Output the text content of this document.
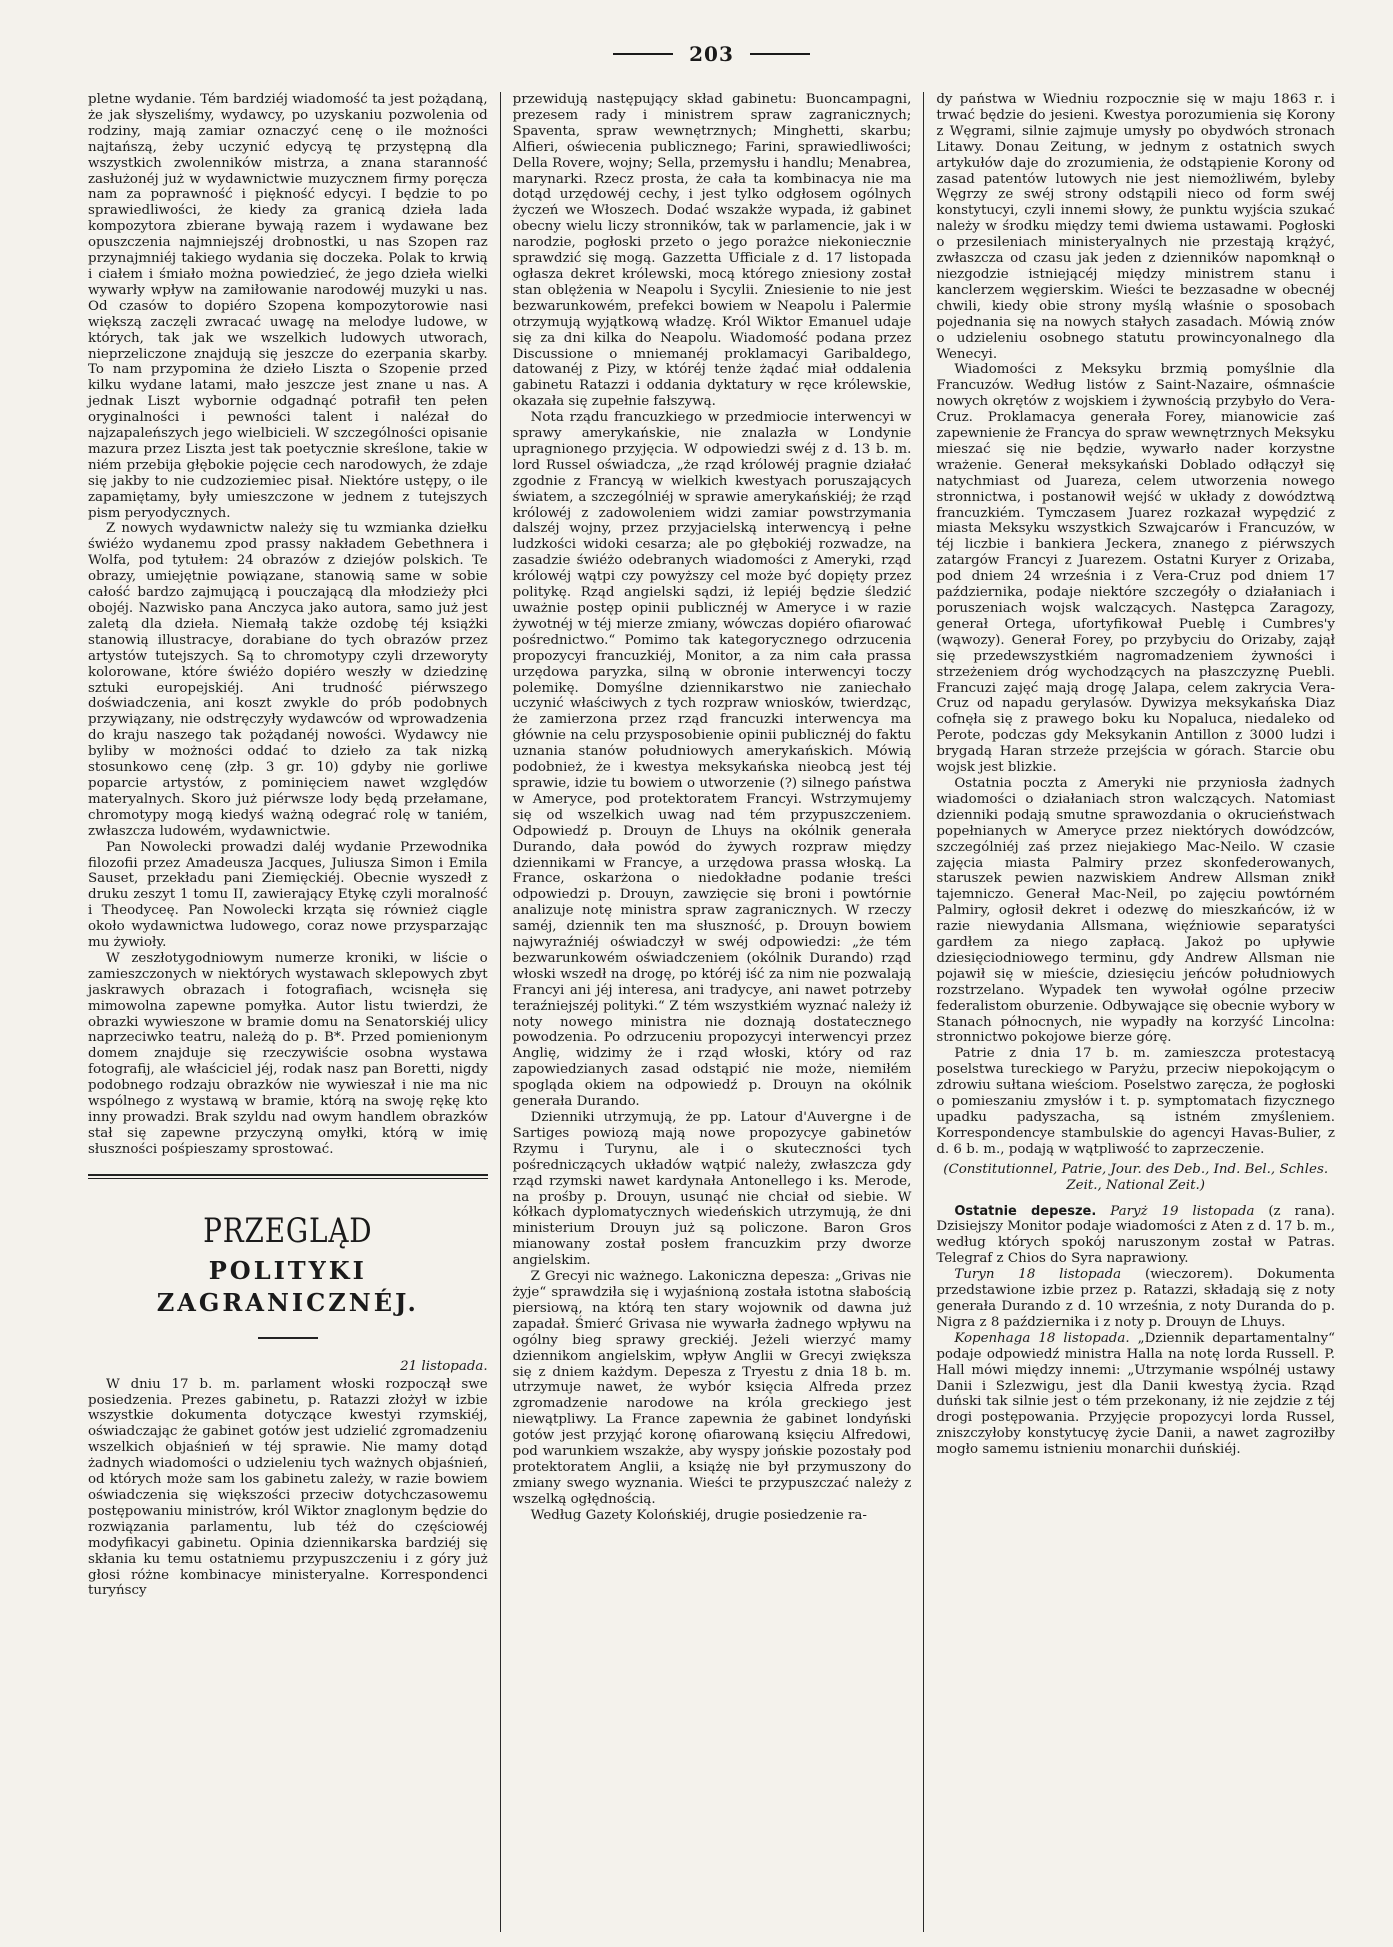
203

pletne wydanie. Tém bardziéj wiadomość ta jest pożądaną, że jak słyszeliśmy, wydawcy, po uzyskaniu pozwolenia od rodziny, mają zamiar oznaczyć cenę o ile możności najtańszą, żeby uczynić edycyą tę przystępną dla wszystkich zwolenników mistrza, a znana staranność zasłużonéj już w wydawnictwie muzycznem firmy poręcza nam za poprawność i piękność edycyi. I będzie to po sprawiedliwości, że kiedy za granicą dzieła lada kompozytora zbierane bywają razem i wydawane bez opuszczenia najmniejszéj drobnostki, u nas Szopen raz przynajmniéj takiego wydania się doczeka. Polak to krwią i ciałem i śmiało można powiedzieć, że jego dzieła wielki wywarły wpływ na zamiłowanie narodowéj muzyki u nas. Od czasów to dopiéro Szopena kompozytorowie nasi większą zaczęli zwracać uwagę na melodye ludowe, w których, tak jak we wszelkich ludowych utworach, nieprzeliczone znajdują się jeszcze do ezerpania skarby. To nam przypomina że dzieło Liszta o Szopenie przed kilku wydane latami, mało jeszcze jest znane u nas. A jednak Liszt wybornie odgadnąć potrafił ten pełen oryginalności i pewności talent i nalézał do najzapaleńszych jego wielbicieli. W szczególności opisanie mazura przez Liszta jest tak poetycznie skreślone, takie w niém przebija głębokie pojęcie cech narodowych, że zdaje się jakby to nie cudzoziemiec pisał. Niektóre ustępy, o ile zapamiętamy, były umieszczone w jednem z tutejszych pism peryodycznych.

Z nowych wydawnictw należy się tu wzmianka dziełku świéżo wydanemu zpod prassy nakładem Gebethnera i Wolfa, pod tytułem: 24 obrazów z dziejów polskich. Te obrazy, umiejętnie powiązane, stanowią same w sobie całość bardzo zajmującą i pouczającą dla młodzieży płci obojéj. Nazwisko pana Anczyca jako autora, samo już jest zaletą dla dzieła. Niemałą także ozdobę téj książki stanowią illustracye, dorabiane do tych obrazów przez artystów tutejszych. Są to chromotypy czyli drzeworyty kolorowane, które świéżo dopiéro weszły w dziedzinę sztuki europejskiéj. Ani trudność piérwszego doświadczenia, ani koszt zwykle do prób podobnych przywiązany, nie odstręczyły wydawców od wprowadzenia do kraju naszego tak pożądanéj nowości. Wydawcy nie byliby w możności oddać to dzieło za tak nizką stosunkowo cenę (złp. 3 gr. 10) gdyby nie gorliwe poparcie artystów, z pominięciem nawet względów materyalnych. Skoro już piérwsze lody będą przełamane, chromotypy mogą kiedyś ważną odegrać rolę w taniém, zwłaszcza ludowém, wydawnictwie.

Pan Nowolecki prowadzi daléj wydanie Przewodnika filozofii przez Amadeusza Jacques, Juliusza Simon i Emila Sauset, przekładu pani Ziemięckiéj. Obecnie wyszedł z druku zeszyt 1 tomu II, zawierający Etykę czyli moralność i Theodyceę. Pan Nowolecki krząta się również ciągle około wydawnictwa ludowego, coraz nowe przysparzając mu żywioły.

W zeszłotygodniowym numerze kroniki, w liście o zamieszczonych w niektórych wystawach sklepowych zbyt jaskrawych obrazach i fotografiach, wcisnęła się mimowolna zapewne pomyłka. Autor listu twierdzi, że obrazki wywieszone w bramie domu na Senatorskiéj ulicy naprzeciwko teatru, należą do p. B*. Przed pomienionym domem znajduje się rzeczywiście osobna wystawa fotografij, ale właściciel jéj, rodak nasz pan Boretti, nigdy podobnego rodzaju obrazków nie wywieszał i nie ma nic wspólnego z wystawą w bramie, którą na swoję rękę kto inny prowadzi. Brak szyldu nad owym handlem obrazków stał się zapewne przyczyną omyłki, którą w imię słuszności pośpieszamy sprostować.

PRZEGLĄD
POLITYKI ZAGRANICZNÉJ.
21 listopada.

W dniu 17 b. m. parlament włoski rozpoczął swe posiedzenia. Prezes gabinetu, p. Ratazzi złożył w izbie wszystkie dokumenta dotyczące kwestyi rzymskiéj, oświadczając że gabinet gotów jest udzielić zgromadzeniu wszelkich objaśnień w téj sprawie. Nie mamy dotąd żadnych wiadomości o udzieleniu tych ważnych objaśnień, od których może sam los gabinetu zależy, w razie bowiem oświadczenia się większości przeciw dotychczasowemu postępowaniu ministrów, król Wiktor znaglonym będzie do rozwiązania parlamentu, lub téż do częściowéj modyfikacyi gabinetu. Opinia dziennikarska bardziéj się skłania ku temu ostatniemu przypuszczeniu i z góry już głosi różne kombinacye ministeryalne. Korrespondenci turyńscy

przewidują następujący skład gabinetu: Buoncampagni, prezesem rady i ministrem spraw zagranicznych; Spaventa, spraw wewnętrznych; Minghetti, skarbu; Alfieri, oświecenia publicznego; Farini, sprawiedliwości; Della Rovere, wojny; Sella, przemysłu i handlu; Menabrea, marynarki. Rzecz prosta, że cała ta kombinacya nie ma dotąd urzędowéj cechy, i jest tylko odgłosem ogólnych życzeń we Włoszech. Dodać wszakże wypada, iż gabinet obecny wielu liczy stronników, tak w parlamencie, jak i w narodzie, pogłoski przeto o jego porażce niekoniecznie sprawdzić się mogą. Gazzetta Ufficiale z d. 17 listopada ogłasza dekret królewski, mocą którego zniesiony został stan oblężenia w Neapolu i Sycylii. Zniesienie to nie jest bezwarunkowém, prefekci bowiem w Neapolu i Palermie otrzymują wyjątkową władzę. Król Wiktor Emanuel udaje się za dni kilka do Neapolu. Wiadomość podana przez Discussione o mniemanéj proklamacyi Garibaldego, datowanéj z Pizy, w któréj tenże żądać miał oddalenia gabinetu Ratazzi i oddania dyktatury w ręce królewskie, okazała się zupełnie fałszywą.

Nota rządu francuzkiego w przedmiocie interwencyi w sprawy amerykańskie, nie znalazła w Londynie upragnionego przyjęcia. W odpowiedzi swéj z d. 13 b. m. lord Russel oświadcza, „że rząd królowéj pragnie działać zgodnie z Francyą w wielkich kwestyach poruszających światem, a szczególniéj w sprawie amerykańskiéj; że rząd królowéj z zadowoleniem widzi zamiar powstrzymania dalszéj wojny, przez przyjacielską interwencyą i pełne ludzkości widoki cesarza; ale po głębokiéj rozwadze, na zasadzie świéżo odebranych wiadomości z Ameryki, rząd królowéj wątpi czy powyższy cel może być dopięty przez politykę. Rząd angielski sądzi, iż lepiéj będzie śledzić uważnie postęp opinii publicznéj w Ameryce i w razie żywotnéj w téj mierze zmiany, wówczas dopiéro ofiarować pośrednictwo.“ Pomimo tak kategorycznego odrzucenia propozycyi francuzkiéj, Monitor, a za nim cała prassa urzędowa paryzka, silną w obronie interwencyi toczy polemikę. Domyślne dziennikarstwo nie zaniechało uczynić właściwych z tych rozpraw wniosków, twierdząc, że zamierzona przez rząd francuzki interwencya ma głównie na celu przysposobienie opinii publicznéj do faktu uznania stanów południowych amerykańskich. Mówią podobnież, że i kwestya meksykańska nieobcą jest téj sprawie, idzie tu bowiem o utworzenie (?) silnego państwa w Ameryce, pod protektoratem Francyi. Wstrzymujemy się od wszelkich uwag nad tém przypuszczeniem. Odpowiedź p. Drouyn de Lhuys na okólnik generała Durando, dała powód do żywych rozpraw między dziennikami w Francye, a urzędowa prassa włoską. La France, oskarżona o niedokładne podanie treści odpowiedzi p. Drouyn, zawzięcie się broni i powtórnie analizuje notę ministra spraw zagranicznych. W rzeczy saméj, dziennik ten ma słuszność, p. Drouyn bowiem najwyraźniéj oświadczył w swéj odpowiedzi: „że tém bezwarunkowém oświadczeniem (okólnik Durando) rząd włoski wszedł na drogę, po któréj iść za nim nie pozwalają Francyi ani jéj interesa, ani tradycye, ani nawet potrzeby teraźniejszéj polityki.“ Z tém wszystkiém wyznać należy iż noty nowego ministra nie doznają dostatecznego powodzenia. Po odrzuceniu propozycyi interwencyi przez Anglię, widzimy że i rząd włoski, który od raz zapowiedzianych zasad odstąpić nie może, niemiłém spogląda okiem na odpowiedź p. Drouyn na okólnik generała Durando.

Dzienniki utrzymują, że pp. Latour d'Auvergne i de Sartiges powiozą mają nowe propozycye gabinetów Rzymu i Turynu, ale i o skuteczności tych pośredniczących układów wątpić należy, zwłaszcza gdy rząd rzymski nawet kardynała Antonellego i ks. Merode, na prośby p. Drouyn, usunąć nie chciał od siebie. W kółkach dyplomatycznych wiedeńskich utrzymują, że dni ministerium Drouyn już są policzone. Baron Gros mianowany został posłem francuzkim przy dworze angielskim.

Z Grecyi nic ważnego. Lakoniczna depesza: „Grivas nie żyje“ sprawdziła się i wyjaśnioną została istotna słabością piersiową, na którą ten stary wojownik od dawna już zapadał. Śmierć Grivasa nie wywarła żadnego wpływu na ogólny bieg sprawy greckiéj. Jeżeli wierzyć mamy dziennikom angielskim, wpływ Anglii w Grecyi zwiększa się z dniem każdym. Depesza z Tryestu z dnia 18 b. m. utrzymuje nawet, że wybór księcia Alfreda przez zgromadzenie narodowe na króla greckiego jest niewątpliwy. La France zapewnia że gabinet londyński gotów jest przyjąć koronę ofiarowaną księciu Alfredowi, pod warunkiem wszakże, aby wyspy jońskie pozostały pod protektoratem Anglii, a książę nie był przymuszony do zmiany swego wyznania. Wieści te przypuszczać należy z wszelką ogłędnością.

Według Gazety Kolońskiéj, drugie posiedzenie ra-

dy państwa w Wiedniu rozpocznie się w maju 1863 r. i trwać będzie do jesieni. Kwestya porozumienia się Korony z Węgrami, silnie zajmuje umysły po obydwóch stronach Litawy. Donau Zeitung, w jednym z ostatnich swych artykułów daje do zrozumienia, że odstąpienie Korony od zasad patentów lutowych nie jest niemożliwém, byleby Węgrzy ze swéj strony odstąpili nieco od form swéj konstytucyi, czyli innemi słowy, że punktu wyjścia szukać należy w środku między temi dwiema ustawami. Pogłoski o przesileniach ministeryalnych nie przestają krążyć, zwłaszcza od czasu jak jeden z dzienników napomknął o niezgodzie istniejącéj między ministrem stanu i kanclerzem węgierskim. Wieści te bezzasadne w obecnéj chwili, kiedy obie strony myślą właśnie o sposobach pojednania się na nowych stałych zasadach. Mówią znów o udzieleniu osobnego statutu prowincyonalnego dla Wenecyi.

Wiadomości z Meksyku brzmią pomyślnie dla Francuzów. Według listów z Saint-Nazaire, ośmnaście nowych okrętów z wojskiem i żywnością przybyło do Vera-Cruz. Proklamacya generała Forey, mianowicie zaś zapewnienie że Francya do spraw wewnętrznych Meksyku mieszać się nie będzie, wywarło nader korzystne wrażenie. Generał meksykański Doblado odłączył się natychmiast od Juareza, celem utworzenia nowego stronnictwa, i postanowił wejść w układy z dowództwą francuzkiém. Tymczasem Juarez rozkazał wypędzić z miasta Meksyku wszystkich Szwajcarów i Francuzów, w téj liczbie i bankiera Jeckera, znanego z piérwszych zatargów Francyi z Juarezem. Ostatni Kuryer z Orizaba, pod dniem 24 września i z Vera-Cruz pod dniem 17 października, podaje niektóre szczegóły o działaniach i poruszeniach wojsk walczących. Następca Zaragozy, generał Ortega, ufortyfikował Pueblę i Cumbres'y (wąwozy). Generał Forey, po przybyciu do Orizaby, zajął się przedewszystkiém nagromadzeniem żywności i strzeżeniem dróg wychodzących na płaszczyznę Puebli. Francuzi zajęć mają drogę Jalapa, celem zakrycia Vera-Cruz od napadu gerylasów. Dywizya meksykańska Diaz cofnęła się z prawego boku ku Nopaluca, niedaleko od Perote, podczas gdy Meksykanin Antillon z 3000 ludzi i brygadą Haran strzeże przejścia w górach. Starcie obu wojsk jest blizkie.

Ostatnia poczta z Ameryki nie przyniosła żadnych wiadomości o działaniach stron walczących. Natomiast dzienniki podają smutne sprawozdania o okrucieństwach popełnianych w Ameryce przez niektórych dowódzców, szczególniéj zaś przez niejakiego Mac-Neilo. W czasie zajęcia miasta Palmiry przez skonfederowanych, staruszek pewien nazwiskiem Andrew Allsman znikł tajemniczo. Generał Mac-Neil, po zajęciu powtórném Palmiry, ogłosił dekret i odezwę do mieszkańców, iż w razie niewydania Allsmana, więźniowie separatyści gardłem za niego zapłacą. Jakoż po upływie dziesięciodniowego terminu, gdy Andrew Allsman nie pojawił się w mieście, dziesięciu jeńców południowych rozstrzelano. Wypadek ten wywołał ogólne przeciw federalistom oburzenie. Odbywające się obecnie wybory w Stanach północnych, nie wypadły na korzyść Lincolna: stronnictwo pokojowe bierze górę.

Patrie z dnia 17 b. m. zamieszcza protestacyą poselstwa tureckiego w Paryżu, przeciw niepokojącym o zdrowiu sułtana wieściom. Poselstwo zaręcza, że pogłoski o pomieszaniu zmysłów i t. p. symptomatach fizycznego upadku padyszacha, są istném zmyśleniem. Korrespondencye stambulskie do agencyi Havas-Bulier, z d. 6 b. m., podają w wątpliwość to zaprzeczenie.

(Constitutionnel, Patrie, Jour. des Deb., Ind. Bel., Schles. Zeit., National Zeit.)

Ostatnie depesze. Paryż 19 listopada (z rana). Dzisiejszy Monitor podaje wiadomości z Aten z d. 17 b. m., według których spokój naruszonym został w Patras. Telegraf z Chios do Syra naprawiony.

Turyn 18 listopada (wieczorem). Dokumenta przedstawione izbie przez p. Ratazzi, składają się z noty generała Durando z d. 10 września, z noty Duranda do p. Nigra z 8 października i z noty p. Drouyn de Lhuys.

Kopenhaga 18 listopada. „Dziennik departamentalny“ podaje odpowiedź ministra Halla na notę lorda Russell. P. Hall mówi między innemi: „Utrzymanie wspólnéj ustawy Danii i Szlezwigu, jest dla Danii kwestyą życia. Rząd duński tak silnie jest o tém przekonany, iż nie zejdzie z téj drogi postępowania. Przyjęcie propozycyi lorda Russel, zniszczyłoby konstytucyę życie Danii, a nawet zagroziłby mogło samemu istnieniu monarchii duńskiéj.
